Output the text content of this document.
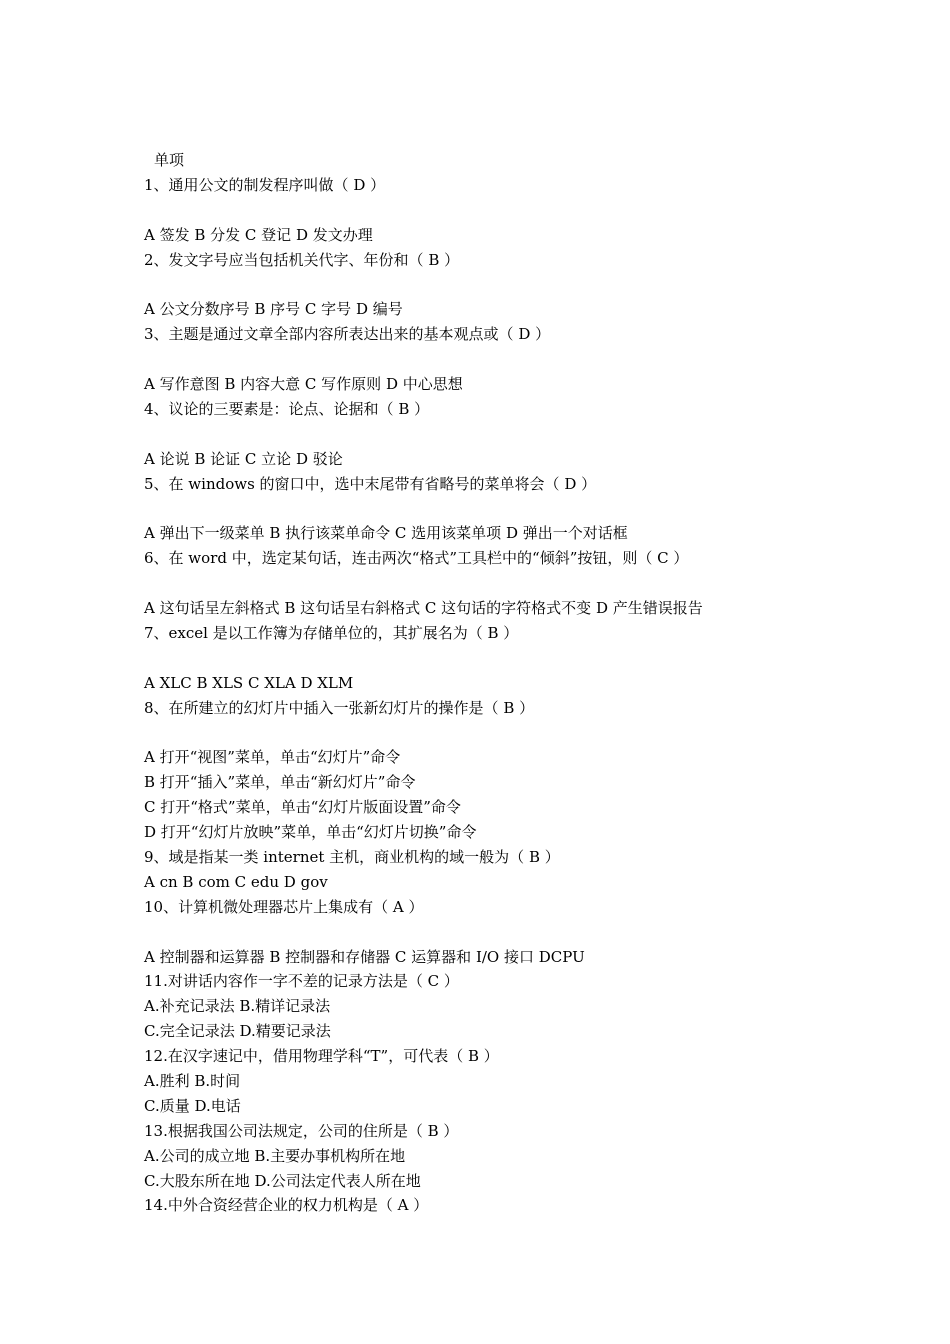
单项
1、通用公文的制发程序叫做（ D ）
A 签发 B 分发 C 登记 D 发文办理
2、发文字号应当包括机关代字、年份和（ B ）
A 公文分数序号 B 序号 C 字号 D 编号
3、主题是通过文章全部内容所表达出来的基本观点或（ D ）
A 写作意图 B 内容大意 C 写作原则 D 中心思想
4、议论的三要素是：论点、论据和（ B ）
A 论说 B 论证 C 立论 D 驳论
5、在 windows 的窗口中，选中末尾带有省略号的菜单将会（ D ）
A 弹出下一级菜单 B 执行该菜单命令 C 选用该菜单项 D 弹出一个对话框
6、在 word 中，选定某句话，连击两次“格式”工具栏中的“倾斜”按钮，则（ C ）
A 这句话呈左斜格式 B 这句话呈右斜格式 C 这句话的字符格式不变 D 产生错误报告
7、excel 是以工作簿为存储单位的，其扩展名为（ B ）
A XLC B XLS C XLA D XLM
8、在所建立的幻灯片中插入一张新幻灯片的操作是（ B ）
A 打开“视图”菜单，单击“幻灯片”命令
B 打开“插入”菜单，单击“新幻灯片”命令
C 打开“格式”菜单，单击“幻灯片版面设置”命令
D 打开“幻灯片放映”菜单，单击“幻灯片切换”命令
9、域是指某一类 internet 主机，商业机构的域一般为（ B ）
A cn B com C edu D gov
10、计算机微处理器芯片上集成有（ A ）
A 控制器和运算器 B 控制器和存储器 C 运算器和 I/O 接口 DCPU
11.对讲话内容作一字不差的记录方法是（ C ）
A.补充记录法 B.精详记录法
C.完全记录法 D.精要记录法
12.在汉字速记中，借用物理学科“T”，可代表（ B ）
A.胜利 B.时间
C.质量 D.电话
13.根据我国公司法规定，公司的住所是（ B ）
A.公司的成立地 B.主要办事机构所在地
C.大股东所在地 D.公司法定代表人所在地
14.中外合资经营企业的权力机构是（ A ）
